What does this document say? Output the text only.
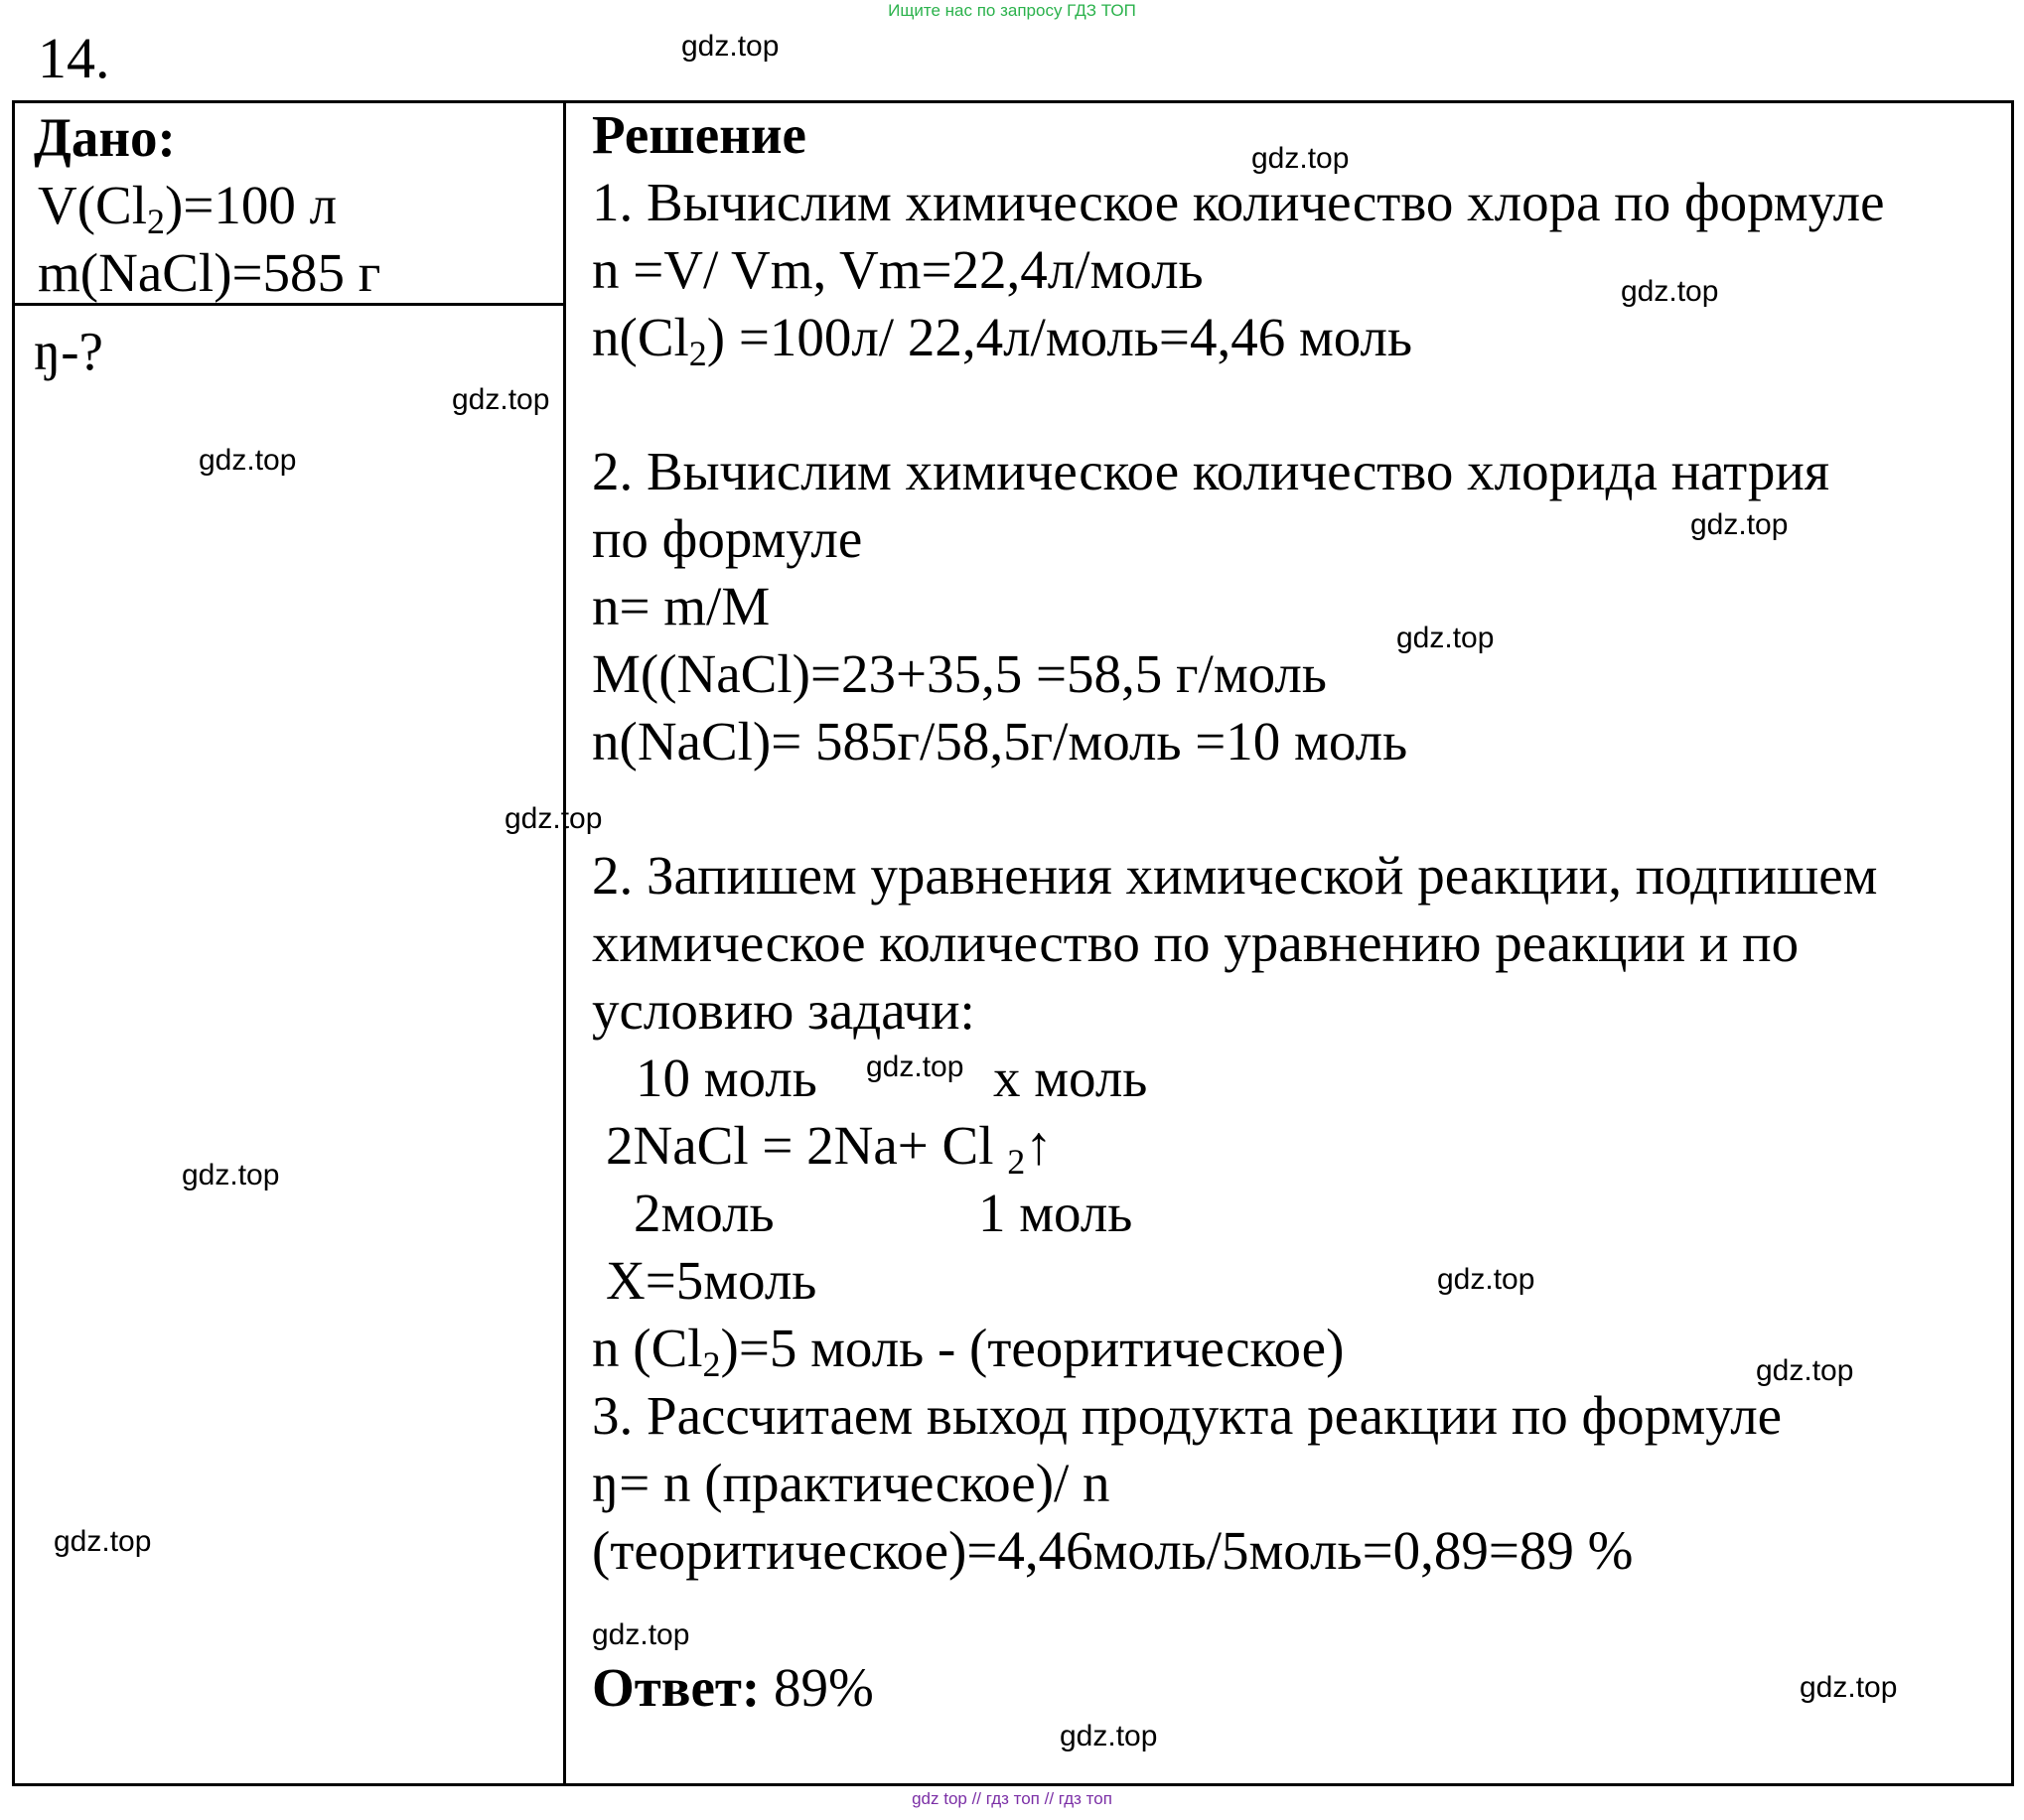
Ищите нас по запросу ГДЗ ТОП
14.
Дано:
$V(Cl_2)=100$ л
m(NaCl)=585 г
ŋ-?
Решение
1. Вычислим химическое количество хлора по формуле
n =V/ Vm, Vm=22,4л/моль
$n(Cl_2) =100л/$ 22,4л/моль=4,46 моль
2. Вычислим химическое количество хлорида натрия
по формуле
n= m/M
M((NaCl)=23+35,5 =58,5 г/моль
n(NaCl)= 585г/58,5г/моль =10 моль
2. Запишем уравнения химической реакции, подпишем
химическое количество по уравнению реакции и по
условию задачи:
10 моль	х моль
2NaCl = 2Na+ Cl $_2$↑
2моль	1 моль
X=5моль
n $(Cl_2)=5$ моль - (теоритическое)
3. Рассчитаем выход продукта реакции по формуле
ŋ= n (практическое)/ n
(теоритическое)=4,46моль/5моль=0,89=89 %
Ответ: 89%
gdz.top
gdz.top
gdz.top
gdz.top
gdz.top
gdz.top
gdz.top
gdz.top
gdz.top
gdz.top
gdz.top
gdz.top
gdz.top
gdz.top
gdz.top
gdz.top
gdz top // гдз топ // гдз топ
